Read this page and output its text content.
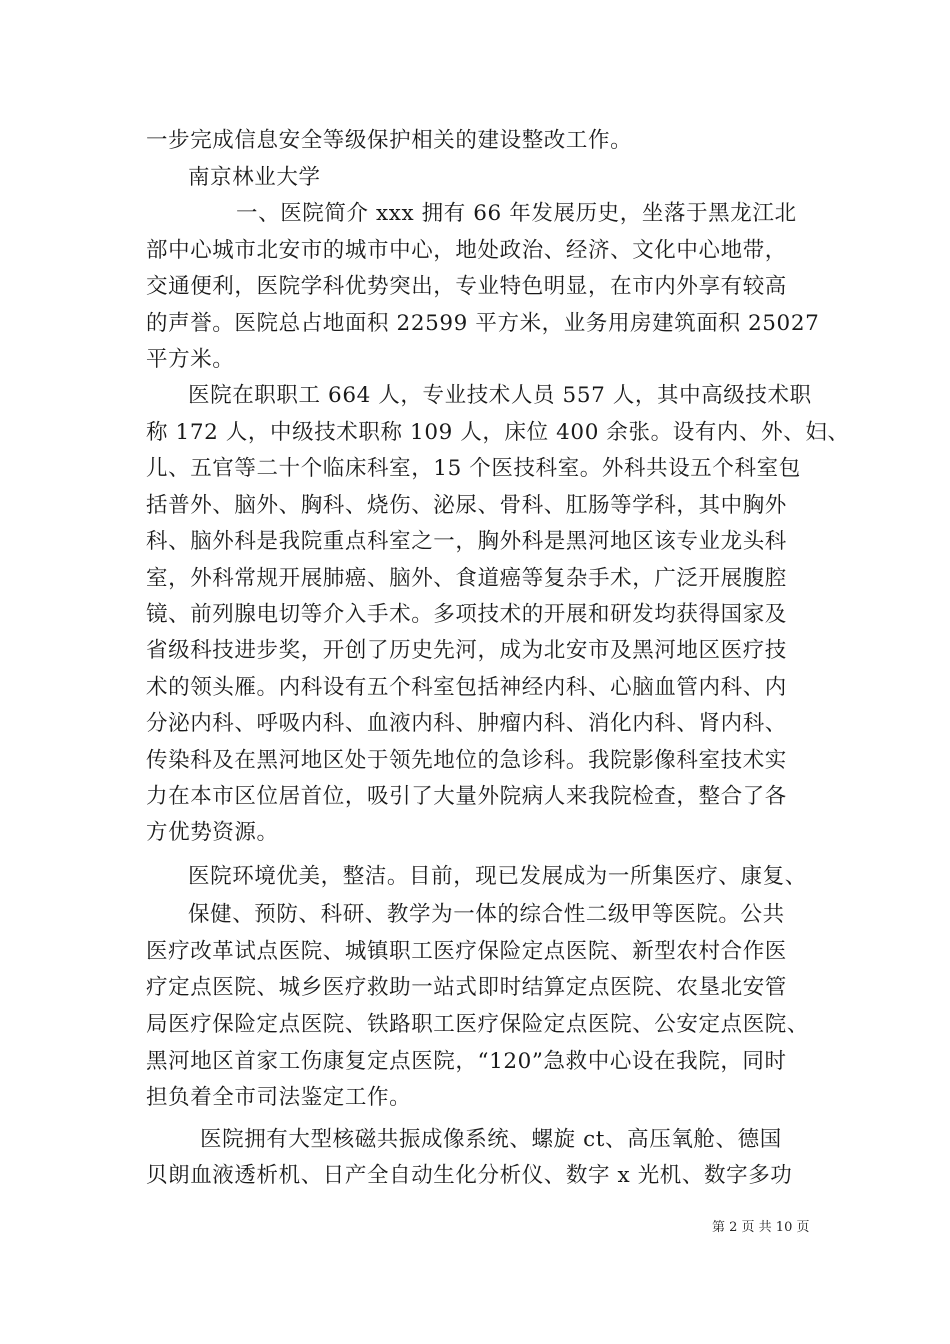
一步完成信息安全等级保护相关的建设整改工作。
南京林业大学
一、医院简介 xxx 拥有 66 年发展历史，坐落于黑龙江北
部中心城市北安市的城市中心，地处政治、经济、文化中心地带，
交通便利，医院学科优势突出，专业特色明显，在市内外享有较高
的声誉。医院总占地面积 22599 平方米，业务用房建筑面积 25027
平方米。
医院在职职工 664 人，专业技术人员 557 人，其中高级技术职
称 172 人，中级技术职称 109 人，床位 400 余张。设有内、外、妇、
儿、五官等二十个临床科室，15 个医技科室。外科共设五个科室包
括普外、脑外、胸科、烧伤、泌尿、骨科、肛肠等学科，其中胸外
科、脑外科是我院重点科室之一，胸外科是黑河地区该专业龙头科
室，外科常规开展肺癌、脑外、食道癌等复杂手术，广泛开展腹腔
镜、前列腺电切等介入手术。多项技术的开展和研发均获得国家及
省级科技进步奖，开创了历史先河，成为北安市及黑河地区医疗技
术的领头雁。内科设有五个科室包括神经内科、心脑血管内科、内
分泌内科、呼吸内科、血液内科、肿瘤内科、消化内科、肾内科、
传染科及在黑河地区处于领先地位的急诊科。我院影像科室技术实
力在本市区位居首位，吸引了大量外院病人来我院检查，整合了各
方优势资源。
医院环境优美，整洁。目前，现已发展成为一所集医疗、康复、
保健、预防、科研、教学为一体的综合性二级甲等医院。公共
医疗改革试点医院、城镇职工医疗保险定点医院、新型农村合作医
疗定点医院、城乡医疗救助一站式即时结算定点医院、农垦北安管
局医疗保险定点医院、铁路职工医疗保险定点医院、公安定点医院、
黑河地区首家工伤康复定点医院，“120”急救中心设在我院，同时
担负着全市司法鉴定工作。
医院拥有大型核磁共振成像系统、螺旋 ct、高压氧舱、德国
贝朗血液透析机、日产全自动生化分析仪、数字 x 光机、数字多功
第 2 页 共 10 页
